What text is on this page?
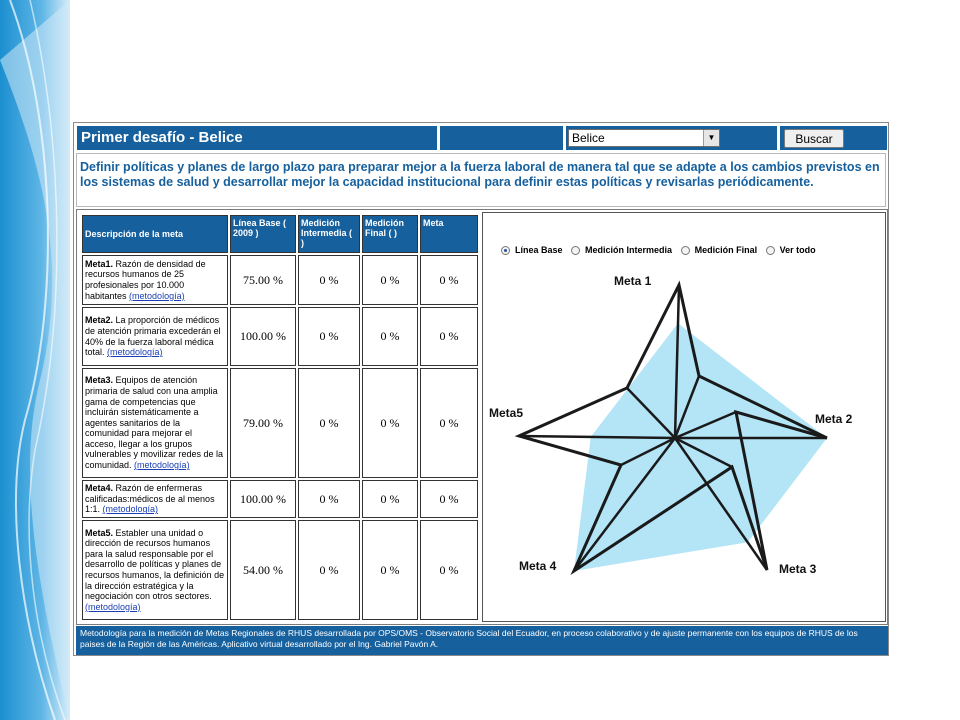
Primer desafío - Belice	Belice	▼	Buscar
Definir políticas y planes de largo plazo para preparar mejor a la fuerza laboral de manera tal que se adapte a los cambios previstos en los sistemas de salud y desarrollar mejor la capacidad institucional para definir estas políticas y revisarlas periódicamente.
Descripción de la meta	Línea Base ( 2009 )	Medición Intermedia ( )	Medición Final ( )	Meta
Meta1. Razón de densidad de recursos humanos de 25 profesionales por 10.000 habitantes (metodología)	75.00 %	0 %	0 %	0 %
Meta2. La proporción de médicos de atención primaria excederán el 40% de la fuerza laboral médica total. (metodología)	100.00 %	0 %	0 %	0 %
Meta3. Equipos de atención primaria de salud con una amplia gama de competencias que incluirán sistemáticamente a agentes sanitarios de la comunidad para mejorar el acceso, llegar a los grupos vulnerables y movilizar redes de la comunidad. (metodología)	79.00 %	0 %	0 %	0 %
Meta4. Razón de enfermeras calificadas:médicos de al menos 1:1. (metodología)	100.00 %	0 %	0 %	0 %
Meta5. Establer una unidad o dirección de recursos humanos para la salud responsable por el desarrollo de políticas y planes de recursos humanos, la definición de la dirección estratégica y la negociación con otros sectores. (metodología)	54.00 %	0 %	0 %	0 %
Meta 1
Meta 2
Meta 3
Meta 4
Meta5
Línea Base	Medición Intermedia	Medición Final	Ver todo
Metodología para la medición de Metas Regionales de RHUS desarrollada por OPS/OMS - Observatorio Social del Ecuador, en proceso colaborativo y de ajuste permanente con los equipos de RHUS de los paises de la Región de las Américas. Aplicativo virtual desarrollado por el Ing. Gabriel Pavón A.
